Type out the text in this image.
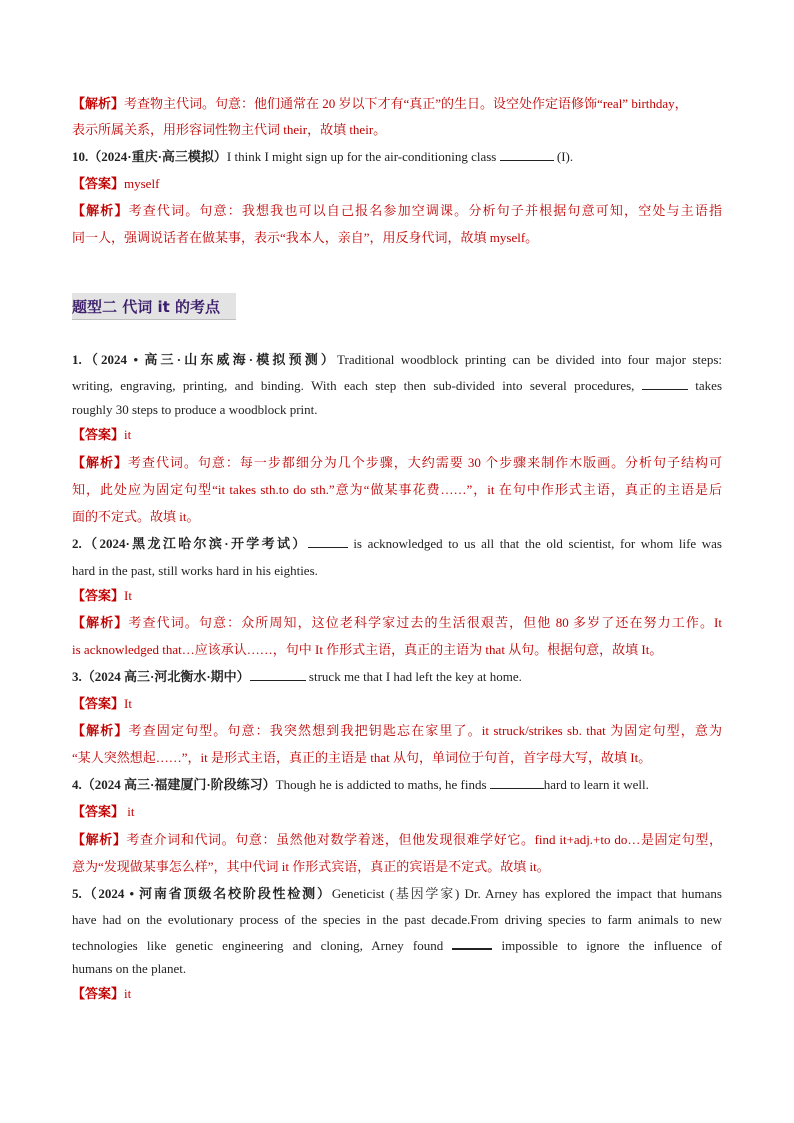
【解析】考查物主代词。句意：他们通常在 20 岁以下才有“真正”的生日。设空处作定语修饰“real” birthday，
表示所属关系，用形容词性物主代词 their，故填 their。
10.（2024·重庆·高三模拟）I think I might sign up for the air-conditioning class	(I).
【答案】myself
【解析】考查代词。句意：我想我也可以自己报名参加空调课。分析句子并根据句意可知，空处与主语指
同一人，强调说话者在做某事，表示“我本人，亲自”，用反身代词，故填 myself。
题型二 代词 it 的考点
1.（2024 • 高三·山东威海·模拟预测）Traditional woodblock printing can be divided into four major steps:
writing, engraving, printing, and binding. With each step then sub-divided into several procedures,	takes
roughly 30 steps to produce a woodblock print.
【答案】it
【解析】考查代词。句意：每一步都细分为几个步骤，大约需要 30 个步骤来制作木版画。分析句子结构可
知，此处应为固定句型“it takes sth.to do sth.”意为“做某事花费……”，it 在句中作形式主语，真正的主语是后
面的不定式。故填 it。
2.（2024·黑龙江哈尔滨·开学考试）	is acknowledged to us all that the old scientist, for whom life was
hard in the past, still works hard in his eighties.
【答案】It
【解析】考查代词。句意：众所周知，这位老科学家过去的生活很艰苦，但他 80 多岁了还在努力工作。It
is acknowledged that…应该承认……，句中 It 作形式主语，真正的主语为 that 从句。根据句意，故填 It。
3.（2024 高三·河北衡水·期中）	struck me that I had left the key at home.
【答案】It
【解析】考查固定句型。句意：我突然想到我把钥匙忘在家里了。it struck/strikes sb. that 为固定句型，意为
“某人突然想起……”，it 是形式主语，真正的主语是 that 从句，单词位于句首，首字母大写，故填 It。
4.（2024 高三·福建厦门·阶段练习）Though he is addicted to maths, he finds	hard to learn it well.
【答案】 it
【解析】考查介词和代词。句意：虽然他对数学着迷，但他发现很难学好它。find it+adj.+to do…是固定句型，
意为“发现做某事怎么样”，其中代词 it 作形式宾语，真正的宾语是不定式。故填 it。
5.（2024 • 河南省顶级名校阶段性检测）Geneticist (基因学家) Dr. Arney has explored the impact that humans
have had on the evolutionary process of the species in the past decade.From driving species to farm animals to new
technologies like genetic engineering and cloning, Arney found	impossible to ignore the influence of
humans on the planet.
【答案】it
